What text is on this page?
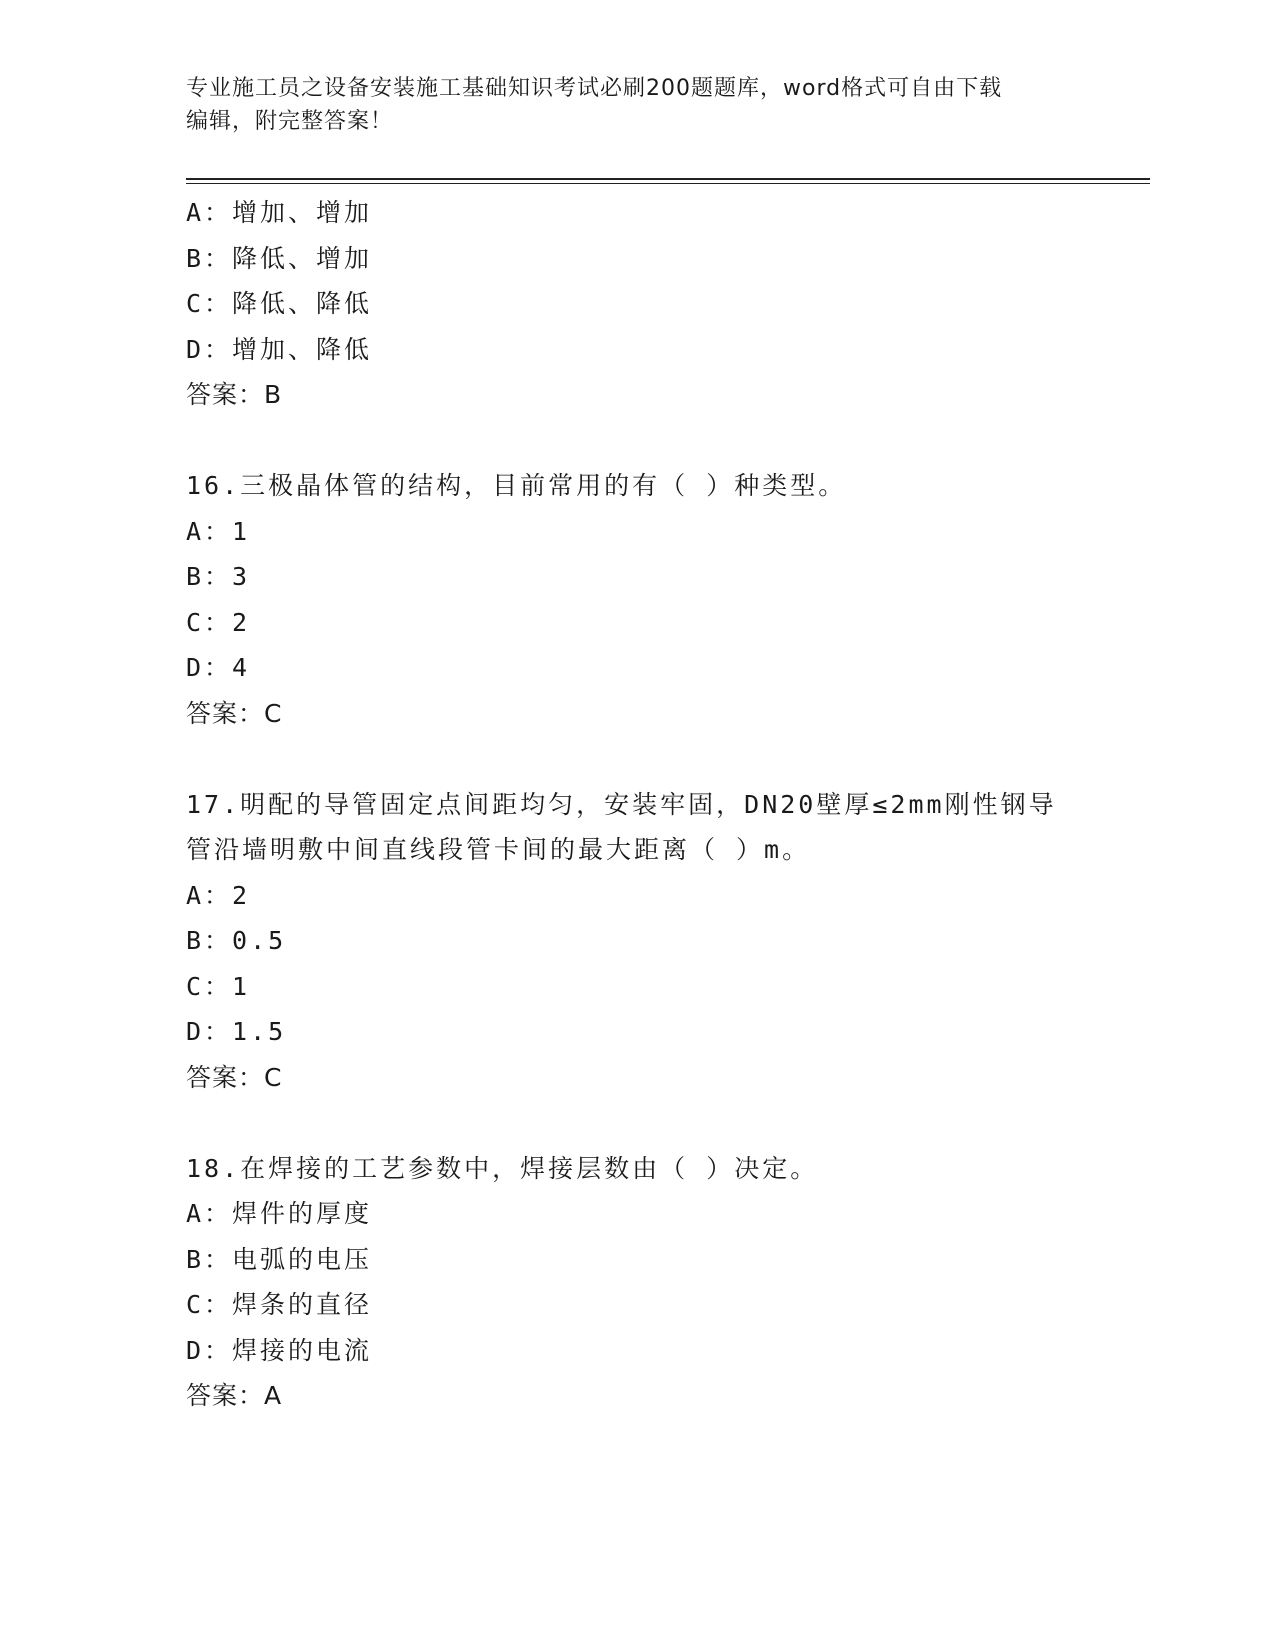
专业施工员之设备安装施工基础知识考试必刷200题题库，word格式可自由下载
编辑，附完整答案！
A：增加、增加
B：降低、增加
C：降低、降低
D：增加、降低
答案：B
16.三极晶体管的结构，目前常用的有（ ）种类型。
A：1
B：3
C：2
D：4
答案：C
17.明配的导管固定点间距均匀，安装牢固，DN20壁厚≤2mm刚性钢导
管沿墙明敷中间直线段管卡间的最大距离（ ）m。
A：2
B：0.5
C：1
D：1.5
答案：C
18.在焊接的工艺参数中，焊接层数由（ ）决定。
A：焊件的厚度
B：电弧的电压
C：焊条的直径
D：焊接的电流
答案：A
